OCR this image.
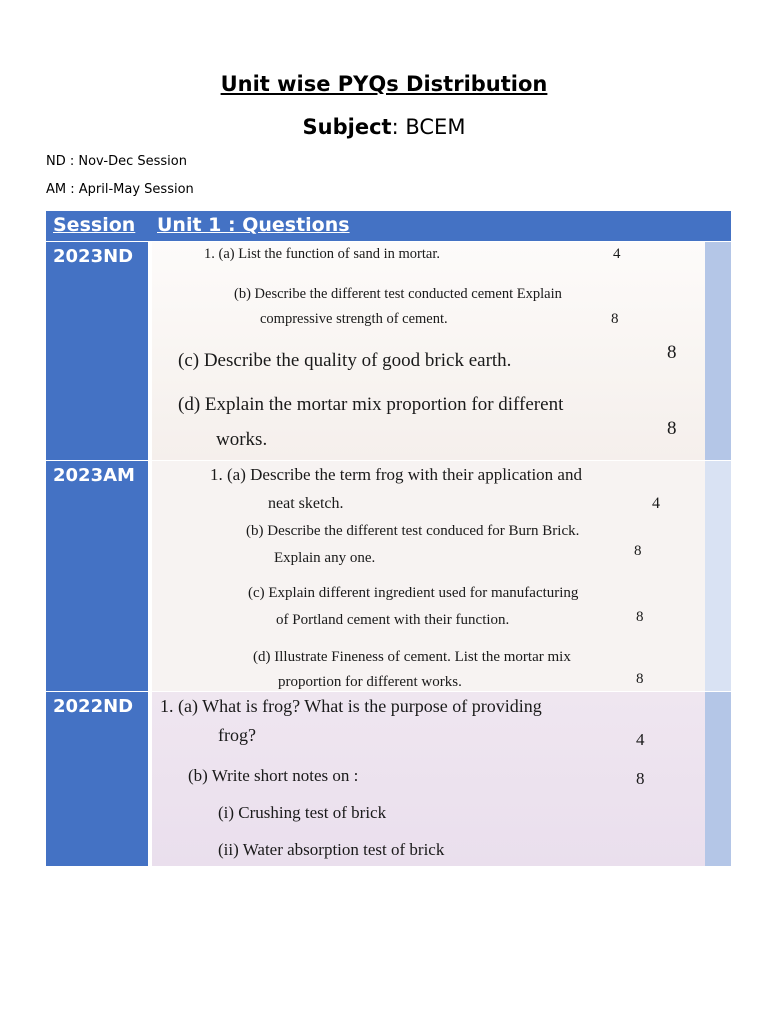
Unit wise PYQs Distribution
Subject: BCEM
ND : Nov-Dec Session
AM : April-May Session
Session Unit 1 : Questions
2023ND	1. (a) List the function of sand in mortar.	4
(b) Describe the different test conducted cement Explain
compressive strength of cement.	8
(c) Describe the quality of good brick earth.	8
(d) Explain the mortar mix proportion for different
works.
8
2023AM	1. (a) Describe the term frog with their application and
neat sketch.	4
(b) Describe the different test conduced for Burn Brick.
Explain any one.	8
(c) Explain different ingredient used for manufacturing
of Portland cement with their function.	8
(d) Illustrate Fineness of cement. List the mortar mix
proportion for different works.	8
2022ND	1. (a) What is frog? What is the purpose of providing
frog?	4
(b) Write short notes on :	8
(i) Crushing test of brick
(ii) Water absorption test of brick
